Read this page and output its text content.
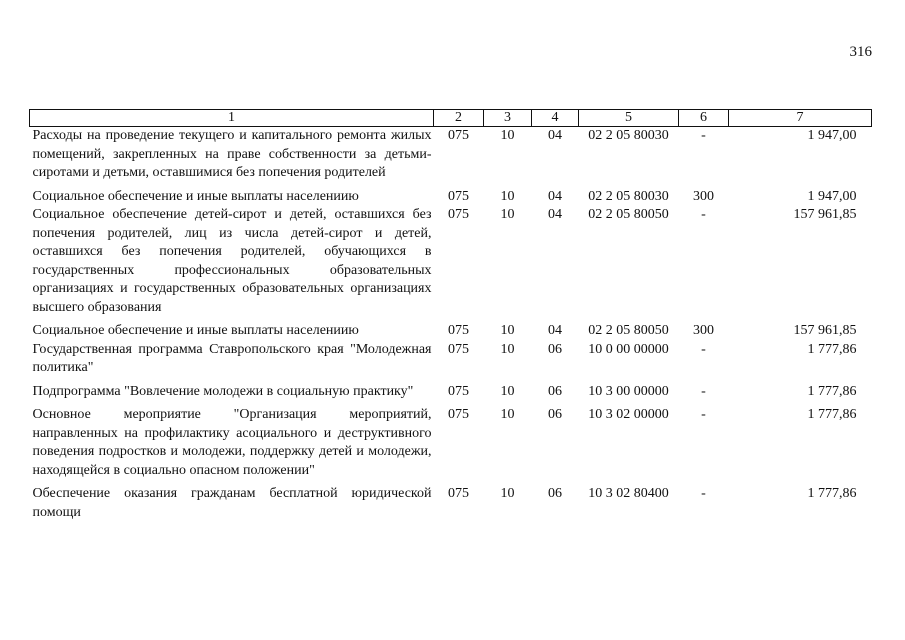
316
1	2	3	4	5	6	7
Расходы на проведение текущего и капитального ремонта жилых помещений, закрепленных на праве собственности за детьми-сиротами и детьми, оставшимися без попечения родителей	075	10	04	02 2 05 80030	-	1 947,00
Социальное обеспечение и иные выплаты населениию	075	10	04	02 2 05 80030	300	1 947,00
Социальное обеспечение детей-сирот и детей, оставшихся без попечения родителей, лиц из числа детей-сирот и детей, оставшихся без попечения родителей, обучающихся в государственных профессиональных образовательных организациях и государственных образовательных организациях высшего образования	075	10	04	02 2 05 80050	-	157 961,85
Социальное обеспечение и иные выплаты населениию	075	10	04	02 2 05 80050	300	157 961,85
Государственная программа Ставропольского края "Молодежная политика"	075	10	06	10 0 00 00000	-	1 777,86
Подпрограмма "Вовлечение молодежи в социальную практику"	075	10	06	10 3 00 00000	-	1 777,86
Основное мероприятие "Организация мероприятий, направленных на профилактику асоциального и деструктивного поведения подростков и молодежи, поддержку детей и молодежи, находящейся в социально опасном положении"	075	10	06	10 3 02 00000	-	1 777,86
Обеспечение оказания гражданам бесплатной юридической помощи	075	10	06	10 3 02 80400	-	1 777,86
